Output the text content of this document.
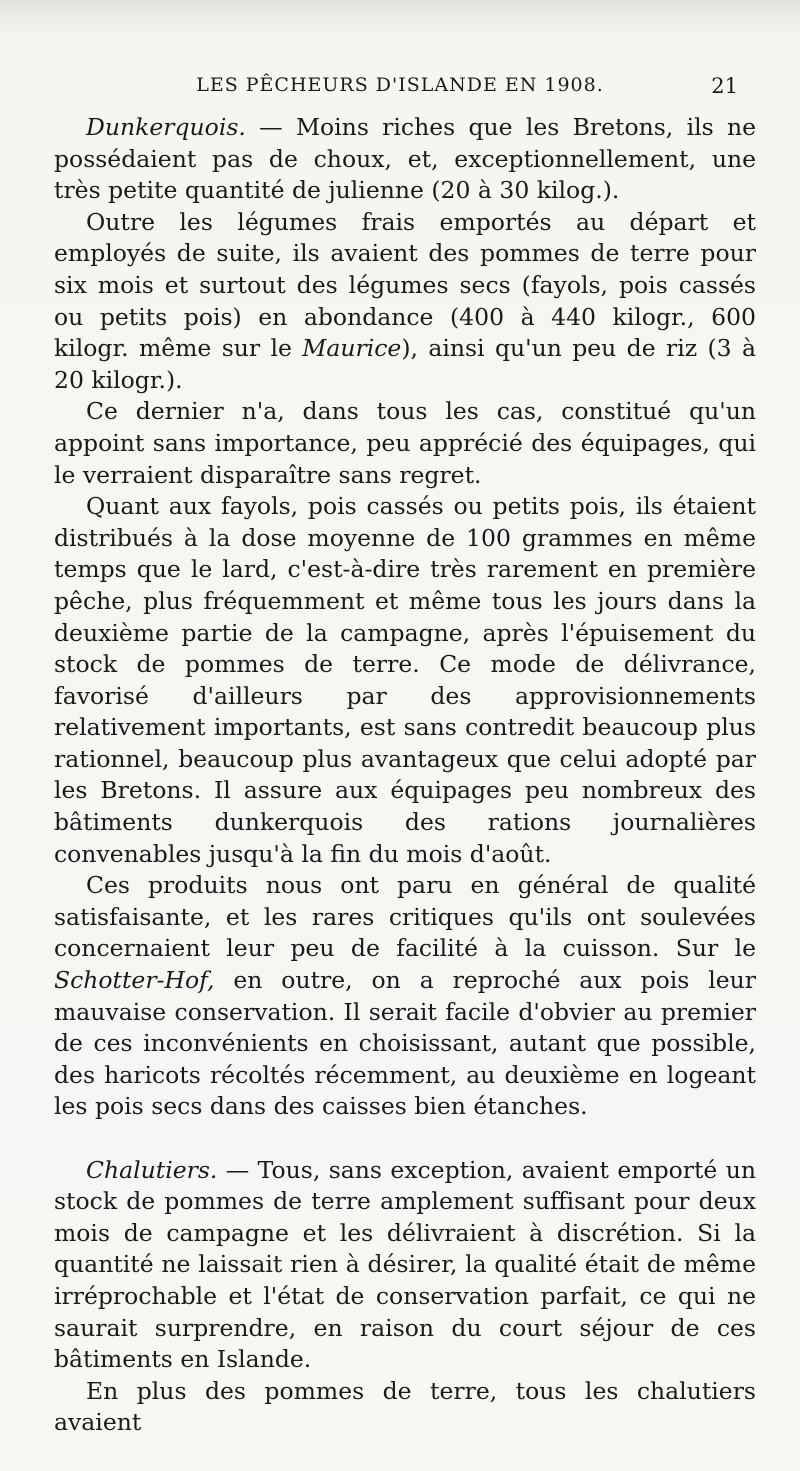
LES PÊCHEURS D'ISLANDE EN 1908.	21

Dunkerquois. — Moins riches que les Bretons, ils ne possédaient pas de choux, et, exceptionnellement, une très petite quantité de julienne (20 à 30 kilog.).

Outre les légumes frais emportés au départ et employés de suite, ils avaient des pommes de terre pour six mois et surtout des légumes secs (fayols, pois cassés ou petits pois) en abondance (400 à 440 kilogr., 600 kilogr. même sur le Maurice), ainsi qu'un peu de riz (3 à 20 kilogr.).

Ce dernier n'a, dans tous les cas, constitué qu'un appoint sans importance, peu apprécié des équipages, qui le verraient disparaître sans regret.

Quant aux fayols, pois cassés ou petits pois, ils étaient distribués à la dose moyenne de 100 grammes en même temps que le lard, c'est-à-dire très rarement en première pêche, plus fréquemment et même tous les jours dans la deuxième partie de la campagne, après l'épuisement du stock de pommes de terre. Ce mode de délivrance, favorisé d'ailleurs par des approvisionnements relativement importants, est sans contredit beaucoup plus rationnel, beaucoup plus avantageux que celui adopté par les Bretons. Il assure aux équipages peu nombreux des bâtiments dunkerquois des rations journalières convenables jusqu'à la fin du mois d'août.

Ces produits nous ont paru en général de qualité satisfaisante, et les rares critiques qu'ils ont soulevées concernaient leur peu de facilité à la cuisson. Sur le Schotter-Hof, en outre, on a reproché aux pois leur mauvaise conservation. Il serait facile d'obvier au premier de ces inconvénients en choisissant, autant que possible, des haricots récoltés récemment, au deuxième en logeant les pois secs dans des caisses bien étanches.

Chalutiers. — Tous, sans exception, avaient emporté un stock de pommes de terre amplement suffisant pour deux mois de campagne et les délivraient à discrétion. Si la quantité ne laissait rien à désirer, la qualité était de même irréprochable et l'état de conservation parfait, ce qui ne saurait surprendre, en raison du court séjour de ces bâtiments en Islande.

En plus des pommes de terre, tous les chalutiers avaient
